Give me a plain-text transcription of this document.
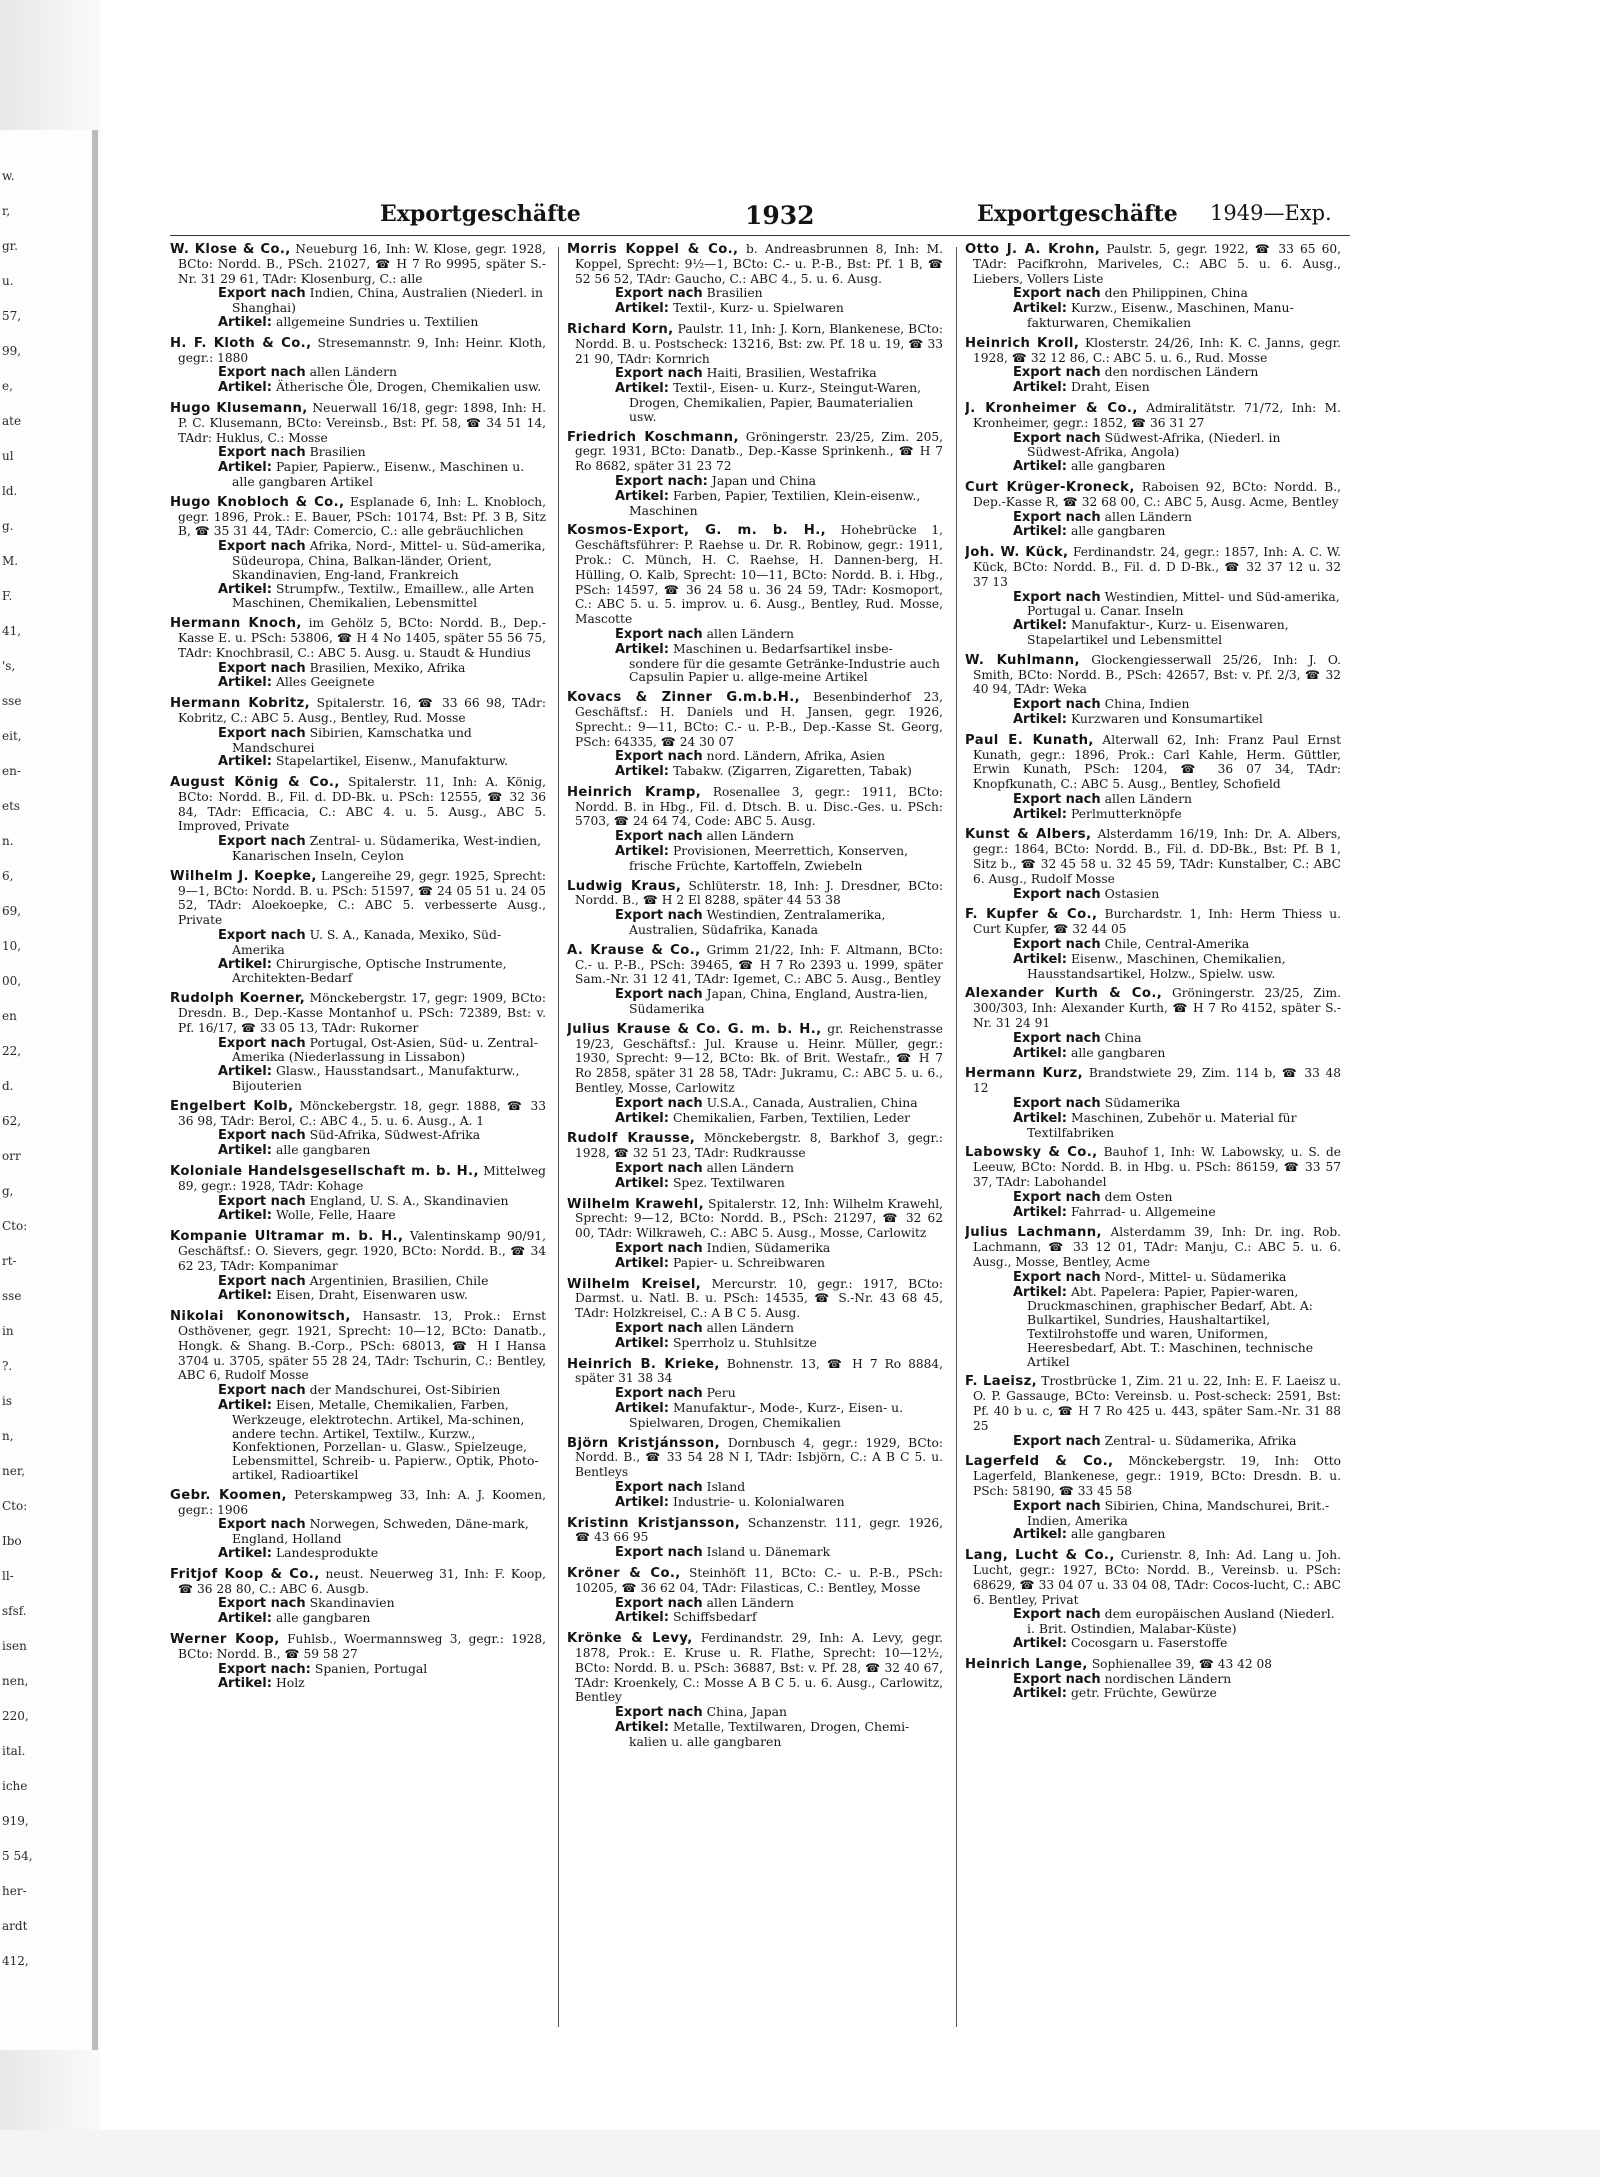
w.
r,
gr.
u.
57,
99,
e,
ate
ul
ld.
g.
M.
F.
41,
's,
sse
eit,
en-
ets
n.
6,
69,
10,
00,
en
22,
d.
62,
orr
g,
Cto:
rt-
sse
in
?.
is
n,
ner,
Cto:
Ibo
ll-
sfsf.
isen
nen,
220,
ital.
iche
919,
5 54,
her-
ardt
412,
Exportgeschäfte	1932	Exportgeschäfte 1949—Exp.

W. Klose & Co., Neueburg 16, Inh: W. Klose, gegr. 1928, BCto: Nordd. B., PSch. 21027, ☎ H 7 Ro 9995, später S.-Nr. 31 29 61, TAdr: Klosenburg, C.: alle

Export nach Indien, China, Australien (Niederl. in Shanghai)

Artikel: allgemeine Sundries u. Textilien

H. F. Kloth & Co., Stresemannstr. 9, Inh: Heinr. Kloth, gegr.: 1880

Export nach allen Ländern

Artikel: Ätherische Öle, Drogen, Chemikalien usw.

Hugo Klusemann, Neuerwall 16/18, gegr: 1898, Inh: H. P. C. Klusemann, BCto: Vereinsb., Bst: Pf. 58, ☎ 34 51 14, TAdr: Huklus, C.: Mosse

Export nach Brasilien

Artikel: Papier, Papierw., Eisenw., Maschinen u. alle gangbaren Artikel

Hugo Knobloch & Co., Esplanade 6, Inh: L. Knobloch, gegr. 1896, Prok.: E. Bauer, PSch: 10174, Bst: Pf. 3 B, Sitz B, ☎ 35 31 44, TAdr: Comercio, C.: alle gebräuchlichen

Export nach Afrika, Nord-, Mittel- u. Süd-amerika, Südeuropa, China, Balkan-länder, Orient, Skandinavien, Eng-land, Frankreich

Artikel: Strumpfw., Textilw., Emaillew., alle Arten Maschinen, Chemikalien, Lebensmittel

Hermann Knoch, im Gehölz 5, BCto: Nordd. B., Dep.-Kasse E. u. PSch: 53806, ☎ H 4 No 1405, später 55 56 75, TAdr: Knochbrasil, C.: ABC 5. Ausg. u. Staudt & Hundius

Export nach Brasilien, Mexiko, Afrika

Artikel: Alles Geeignete

Hermann Kobritz, Spitalerstr. 16, ☎ 33 66 98, TAdr: Kobritz, C.: ABC 5. Ausg., Bentley, Rud. Mosse

Export nach Sibirien, Kamschatka und Mandschurei

Artikel: Stapelartikel, Eisenw., Manufakturw.

August König & Co., Spitalerstr. 11, Inh: A. König, BCto: Nordd. B., Fil. d. DD-Bk. u. PSch: 12555, ☎ 32 36 84, TAdr: Efficacia, C.: ABC 4. u. 5. Ausg., ABC 5. Improved, Private

Export nach Zentral- u. Südamerika, West-indien, Kanarischen Inseln, Ceylon

Wilhelm J. Koepke, Langereihe 29, gegr. 1925, Sprecht: 9—1, BCto: Nordd. B. u. PSch: 51597, ☎ 24 05 51 u. 24 05 52, TAdr: Aloekoepke, C.: ABC 5. verbesserte Ausg., Private

Export nach U. S. A., Kanada, Mexiko, Süd-Amerika

Artikel: Chirurgische, Optische Instrumente, Architekten-Bedarf

Rudolph Koerner, Mönckebergstr. 17, gegr: 1909, BCto: Dresdn. B., Dep.-Kasse Montanhof u. PSch: 72389, Bst: v. Pf. 16/17, ☎ 33 05 13, TAdr: Rukorner

Export nach Portugal, Ost-Asien, Süd- u. Zentral-Amerika (Niederlassung in Lissabon)

Artikel: Glasw., Hausstandsart., Manufakturw., Bijouterien

Engelbert Kolb, Mönckebergstr. 18, gegr. 1888, ☎ 33 36 98, TAdr: Berol, C.: ABC 4., 5. u. 6. Ausg., A. 1

Export nach Süd-Afrika, Südwest-Afrika

Artikel: alle gangbaren

Koloniale Handelsgesellschaft m. b. H., Mittelweg 89, gegr.: 1928, TAdr: Kohage

Export nach England, U. S. A., Skandinavien

Artikel: Wolle, Felle, Haare

Kompanie Ultramar m. b. H., Valentinskamp 90/91, Geschäftsf.: O. Sievers, gegr. 1920, BCto: Nordd. B., ☎ 34 62 23, TAdr: Kompanimar

Export nach Argentinien, Brasilien, Chile

Artikel: Eisen, Draht, Eisenwaren usw.

Nikolai Kononowitsch, Hansastr. 13, Prok.: Ernst Osthövener, gegr. 1921, Sprecht: 10—12, BCto: Danatb., Hongk. & Shang. B.-Corp., PSch: 68013, ☎ H I Hansa 3704 u. 3705, später 55 28 24, TAdr: Tschurin, C.: Bentley, ABC 6, Rudolf Mosse

Export nach der Mandschurei, Ost-Sibirien

Artikel: Eisen, Metalle, Chemikalien, Farben, Werkzeuge, elektrotechn. Artikel, Ma-schinen, andere techn. Artikel, Textilw., Kurzw., Konfektionen, Porzellan- u. Glasw., Spielzeuge, Lebensmittel, Schreib- u. Papierw., Optik, Photo-artikel, Radioartikel

Gebr. Koomen, Peterskampweg 33, Inh: A. J. Koomen, gegr.: 1906

Export nach Norwegen, Schweden, Däne-mark, England, Holland

Artikel: Landesprodukte

Fritjof Koop & Co., neust. Neuerweg 31, Inh: F. Koop, ☎ 36 28 80, C.: ABC 6. Ausgb.

Export nach Skandinavien

Artikel: alle gangbaren

Werner Koop, Fuhlsb., Woermannsweg 3, gegr.: 1928, BCto: Nordd. B., ☎ 59 58 27

Export nach: Spanien, Portugal

Artikel: Holz

Morris Koppel & Co., b. Andreasbrunnen 8, Inh: M. Koppel, Sprecht: 9½—1, BCto: C.- u. P.-B., Bst: Pf. 1 B, ☎ 52 56 52, TAdr: Gaucho, C.: ABC 4., 5. u. 6. Ausg.

Export nach Brasilien

Artikel: Textil-, Kurz- u. Spielwaren

Richard Korn, Paulstr. 11, Inh: J. Korn, Blankenese, BCto: Nordd. B. u. Postscheck: 13216, Bst: zw. Pf. 18 u. 19, ☎ 33 21 90, TAdr: Kornrich

Export nach Haiti, Brasilien, Westafrika

Artikel: Textil-, Eisen- u. Kurz-, Steingut-Waren, Drogen, Chemikalien, Papier, Baumaterialien usw.

Friedrich Koschmann, Gröningerstr. 23/25, Zim. 205, gegr. 1931, BCto: Danatb., Dep.-Kasse Sprinkenh., ☎ H 7 Ro 8682, später 31 23 72

Export nach: Japan und China

Artikel: Farben, Papier, Textilien, Klein-eisenw., Maschinen

Kosmos-Export, G. m. b. H., Hohebrücke 1, Geschäftsführer: P. Raehse u. Dr. R. Robinow, gegr.: 1911, Prok.: C. Münch, H. C. Raehse, H. Dannen-berg, H. Hülling, O. Kalb, Sprecht: 10—11, BCto: Nordd. B. i. Hbg., PSch: 14597, ☎ 36 24 58 u. 36 24 59, TAdr: Kosmoport, C.: ABC 5. u. 5. improv. u. 6. Ausg., Bentley, Rud. Mosse, Mascotte

Export nach allen Ländern

Artikel: Maschinen u. Bedarfsartikel insbe-sondere für die gesamte Getränke-Industrie auch Capsulin Papier u. allge-meine Artikel

Kovacs & Zinner G.m.b.H., Besenbinderhof 23, Geschäftsf.: H. Daniels und H. Jansen, gegr. 1926, Sprecht.: 9—11, BCto: C.- u. P.-B., Dep.-Kasse St. Georg, PSch: 64335, ☎ 24 30 07

Export nach nord. Ländern, Afrika, Asien

Artikel: Tabakw. (Zigarren, Zigaretten, Tabak)

Heinrich Kramp, Rosenallee 3, gegr.: 1911, BCto: Nordd. B. in Hbg., Fil. d. Dtsch. B. u. Disc.-Ges. u. PSch: 5703, ☎ 24 64 74, Code: ABC 5. Ausg.

Export nach allen Ländern

Artikel: Provisionen, Meerrettich, Konserven, frische Früchte, Kartoffeln, Zwiebeln

Ludwig Kraus, Schlüterstr. 18, Inh: J. Dresdner, BCto: Nordd. B., ☎ H 2 El 8288, später 44 53 38

Export nach Westindien, Zentralamerika, Australien, Südafrika, Kanada

A. Krause & Co., Grimm 21/22, Inh: F. Altmann, BCto: C.- u. P.-B., PSch: 39465, ☎ H 7 Ro 2393 u. 1999, später Sam.-Nr. 31 12 41, TAdr: Igemet, C.: ABC 5. Ausg., Bentley

Export nach Japan, China, England, Austra-lien, Südamerika

Julius Krause & Co. G. m. b. H., gr. Reichenstrasse 19/23, Geschäftsf.: Jul. Krause u. Heinr. Müller, gegr.: 1930, Sprecht: 9—12, BCto: Bk. of Brit. Westafr., ☎ H 7 Ro 2858, später 31 28 58, TAdr: Jukramu, C.: ABC 5. u. 6., Bentley, Mosse, Carlowitz

Export nach U.S.A., Canada, Australien, China

Artikel: Chemikalien, Farben, Textilien, Leder

Rudolf Krausse, Mönckebergstr. 8, Barkhof 3, gegr.: 1928, ☎ 32 51 23, TAdr: Rudkrausse

Export nach allen Ländern

Artikel: Spez. Textilwaren

Wilhelm Krawehl, Spitalerstr. 12, Inh: Wilhelm Krawehl, Sprecht: 9—12, BCto: Nordd. B., PSch: 21297, ☎ 32 62 00, TAdr: Wilkraweh, C.: ABC 5. Ausg., Mosse, Carlowitz

Export nach Indien, Südamerika

Artikel: Papier- u. Schreibwaren

Wilhelm Kreisel, Mercurstr. 10, gegr.: 1917, BCto: Darmst. u. Natl. B. u. PSch: 14535, ☎ S.-Nr. 43 68 45, TAdr: Holzkreisel, C.: A B C 5. Ausg.

Export nach allen Ländern

Artikel: Sperrholz u. Stuhlsitze

Heinrich B. Krieke, Bohnenstr. 13, ☎ H 7 Ro 8884, später 31 38 34

Export nach Peru

Artikel: Manufaktur-, Mode-, Kurz-, Eisen- u. Spielwaren, Drogen, Chemikalien

Björn Kristjánsson, Dornbusch 4, gegr.: 1929, BCto: Nordd. B., ☎ 33 54 28 N I, TAdr: Isbjörn, C.: A B C 5. u. Bentleys

Export nach Island

Artikel: Industrie- u. Kolonialwaren

Kristinn Kristjansson, Schanzenstr. 111, gegr. 1926, ☎ 43 66 95

Export nach Island u. Dänemark

Kröner & Co., Steinhöft 11, BCto: C.- u. P.-B., PSch: 10205, ☎ 36 62 04, TAdr: Filasticas, C.: Bentley, Mosse

Export nach allen Ländern

Artikel: Schiffsbedarf

Krönke & Levy, Ferdinandstr. 29, Inh: A. Levy, gegr. 1878, Prok.: E. Kruse u. R. Flathe, Sprecht: 10—12½, BCto: Nordd. B. u. PSch: 36887, Bst: v. Pf. 28, ☎ 32 40 67, TAdr: Kroenkely, C.: Mosse A B C 5. u. 6. Ausg., Carlowitz, Bentley

Export nach China, Japan

Artikel: Metalle, Textilwaren, Drogen, Chemi-kalien u. alle gangbaren

Otto J. A. Krohn, Paulstr. 5, gegr. 1922, ☎ 33 65 60, TAdr: Pacifkrohn, Mariveles, C.: ABC 5. u. 6. Ausg., Liebers, Vollers Liste

Export nach den Philippinen, China

Artikel: Kurzw., Eisenw., Maschinen, Manu-fakturwaren, Chemikalien

Heinrich Kroll, Klosterstr. 24/26, Inh: K. C. Janns, gegr. 1928, ☎ 32 12 86, C.: ABC 5. u. 6., Rud. Mosse

Export nach den nordischen Ländern

Artikel: Draht, Eisen

J. Kronheimer & Co., Admiralitätstr. 71/72, Inh: M. Kronheimer, gegr.: 1852, ☎ 36 31 27

Export nach Südwest-Afrika, (Niederl. in Südwest-Afrika, Angola)

Artikel: alle gangbaren

Curt Krüger-Kroneck, Raboisen 92, BCto: Nordd. B., Dep.-Kasse R, ☎ 32 68 00, C.: ABC 5, Ausg. Acme, Bentley

Export nach allen Ländern

Artikel: alle gangbaren

Joh. W. Kück, Ferdinandstr. 24, gegr.: 1857, Inh: A. C. W. Kück, BCto: Nordd. B., Fil. d. D D-Bk., ☎ 32 37 12 u. 32 37 13

Export nach Westindien, Mittel- und Süd-amerika, Portugal u. Canar. Inseln

Artikel: Manufaktur-, Kurz- u. Eisenwaren, Stapelartikel und Lebensmittel

W. Kuhlmann, Glockengiesserwall 25/26, Inh: J. O. Smith, BCto: Nordd. B., PSch: 42657, Bst: v. Pf. 2/3, ☎ 32 40 94, TAdr: Weka

Export nach China, Indien

Artikel: Kurzwaren und Konsumartikel

Paul E. Kunath, Alterwall 62, Inh: Franz Paul Ernst Kunath, gegr.: 1896, Prok.: Carl Kahle, Herm. Güttler, Erwin Kunath, PSch: 1204, ☎ 36 07 34, TAdr: Knopfkunath, C.: ABC 5. Ausg., Bentley, Schofield

Export nach allen Ländern

Artikel: Perlmutterknöpfe

Kunst & Albers, Alsterdamm 16/19, Inh: Dr. A. Albers, gegr.: 1864, BCto: Nordd. B., Fil. d. DD-Bk., Bst: Pf. B 1, Sitz b., ☎ 32 45 58 u. 32 45 59, TAdr: Kunstalber, C.: ABC 6. Ausg., Rudolf Mosse

Export nach Ostasien

F. Kupfer & Co., Burchardstr. 1, Inh: Herm Thiess u. Curt Kupfer, ☎ 32 44 05

Export nach Chile, Central-Amerika

Artikel: Eisenw., Maschinen, Chemikalien, Hausstandsartikel, Holzw., Spielw. usw.

Alexander Kurth & Co., Gröningerstr. 23/25, Zim. 300/303, Inh: Alexander Kurth, ☎ H 7 Ro 4152, später S.-Nr. 31 24 91

Export nach China

Artikel: alle gangbaren

Hermann Kurz, Brandstwiete 29, Zim. 114 b, ☎ 33 48 12

Export nach Südamerika

Artikel: Maschinen, Zubehör u. Material für Textilfabriken

Labowsky & Co., Bauhof 1, Inh: W. Labowsky, u. S. de Leeuw, BCto: Nordd. B. in Hbg. u. PSch: 86159, ☎ 33 57 37, TAdr: Labohandel

Export nach dem Osten

Artikel: Fahrrad- u. Allgemeine

Julius Lachmann, Alsterdamm 39, Inh: Dr. ing. Rob. Lachmann, ☎ 33 12 01, TAdr: Manju, C.: ABC 5. u. 6. Ausg., Mosse, Bentley, Acme

Export nach Nord-, Mittel- u. Südamerika

Artikel: Abt. Papelera: Papier, Papier-waren, Druckmaschinen, graphischer Bedarf, Abt. A: Bulkartikel, Sundries, Haushaltartikel, Textilrohstoffe und waren, Uniformen, Heeresbedarf, Abt. T.: Maschinen, technische Artikel

F. Laeisz, Trostbrücke 1, Zim. 21 u. 22, Inh: E. F. Laeisz u. O. P. Gassauge, BCto: Vereinsb. u. Post-scheck: 2591, Bst: Pf. 40 b u. c, ☎ H 7 Ro 425 u. 443, später Sam.-Nr. 31 88 25

Export nach Zentral- u. Südamerika, Afrika

Lagerfeld & Co., Mönckebergstr. 19, Inh: Otto Lagerfeld, Blankenese, gegr.: 1919, BCto: Dresdn. B. u. PSch: 58190, ☎ 33 45 58

Export nach Sibirien, China, Mandschurei, Brit.-Indien, Amerika

Artikel: alle gangbaren

Lang, Lucht & Co., Curienstr. 8, Inh: Ad. Lang u. Joh. Lucht, gegr.: 1927, BCto: Nordd. B., Vereinsb. u. PSch: 68629, ☎ 33 04 07 u. 33 04 08, TAdr: Cocos-lucht, C.: ABC 6. Bentley, Privat

Export nach dem europäischen Ausland (Niederl. i. Brit. Ostindien, Malabar-Küste)

Artikel: Cocosgarn u. Faserstoffe

Heinrich Lange, Sophienallee 39, ☎ 43 42 08

Export nach nordischen Ländern

Artikel: getr. Früchte, Gewürze
